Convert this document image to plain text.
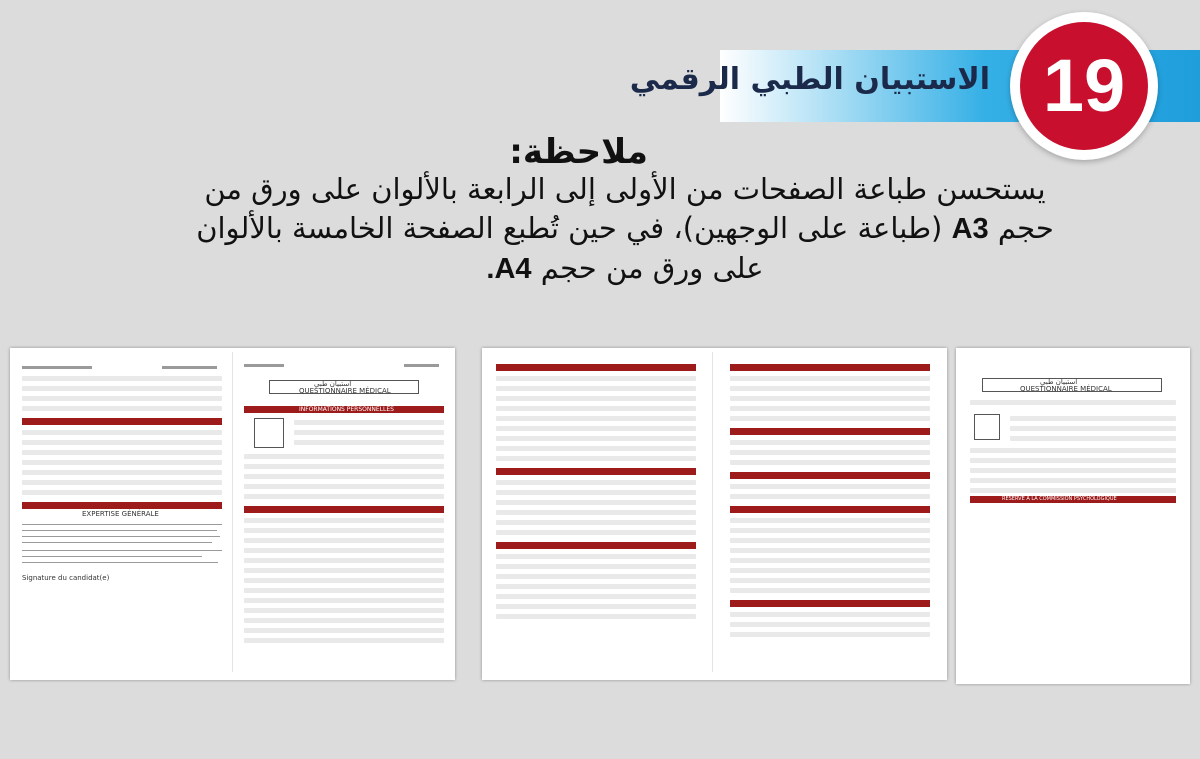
الاستبيان الطبي الرقمي 19
ملاحظة:
يستحسن طباعة الصفحات من الأولى إلى الرابعة بالألوان على ورق من
حجم A3 (طباعة على الوجهين)، في حين تُطبع الصفحة الخامسة بالألوان
على ورق من حجم A4.
EXPERTISE GÉNÉRALE
Signature du candidat(e)
استبيان طبي
QUESTIONNAIRE MÉDICAL
INFORMATIONS PERSONNELLES
استبيان طبي
QUESTIONNAIRE MÉDICAL
RÉSERVÉ À LA COMMISSION PSYCHOLOGIQUE
